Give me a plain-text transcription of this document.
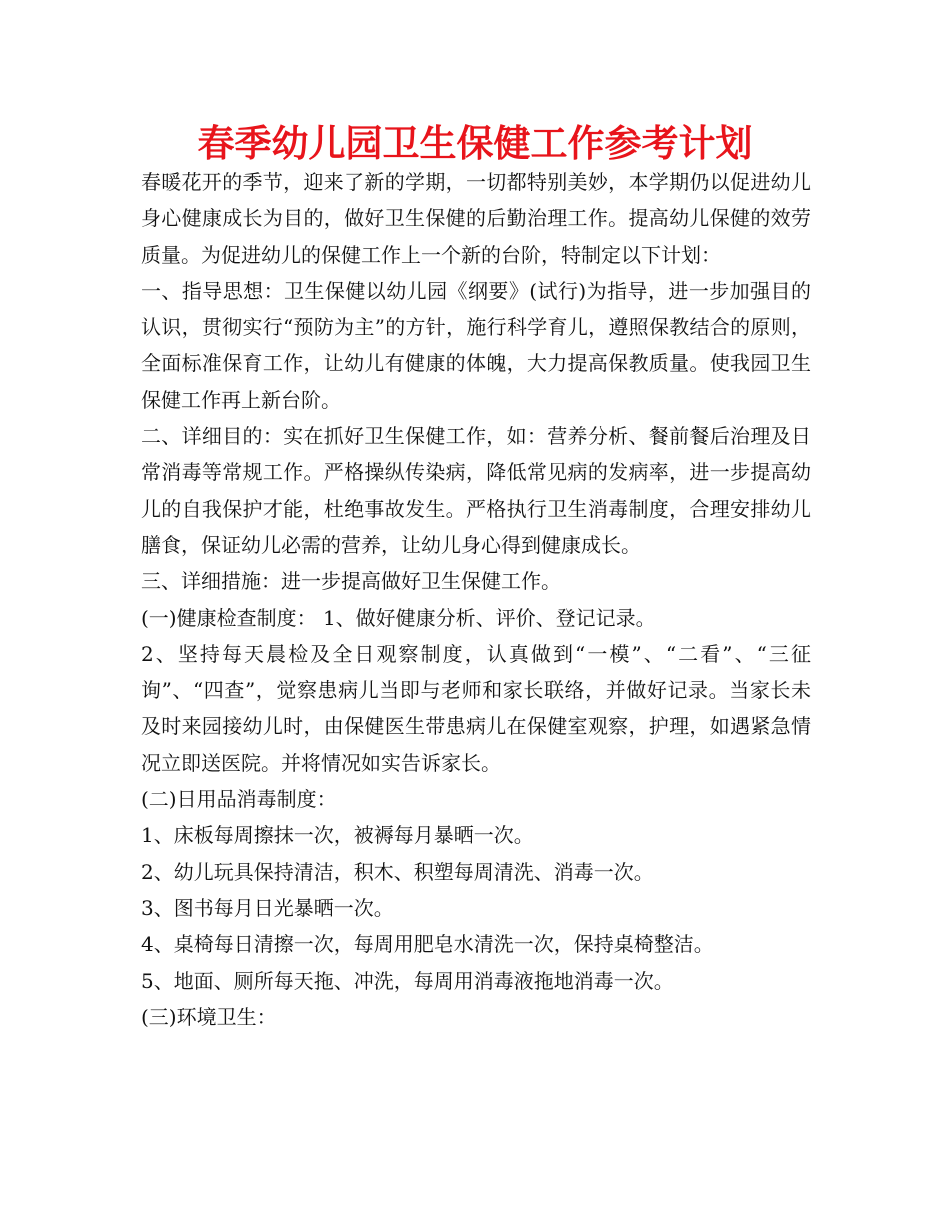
春季幼儿园卫生保健工作参考计划

春暖花开的季节，迎来了新的学期，一切都特别美妙，本学期仍以促进幼儿身心健康成长为目的，做好卫生保健的后勤治理工作。提高幼儿保健的效劳质量。为促进幼儿的保健工作上一个新的台阶，特制定以下计划：

一、指导思想：卫生保健以幼儿园《纲要》(试行)为指导，进一步加强目的认识，贯彻实行“预防为主”的方针，施行科学育儿，遵照保教结合的原则，全面标准保育工作，让幼儿有健康的体魄，大力提高保教质量。使我园卫生保健工作再上新台阶。

二、详细目的：实在抓好卫生保健工作，如：营养分析、餐前餐后治理及日常消毒等常规工作。严格操纵传染病，降低常见病的发病率，进一步提高幼儿的自我保护才能，杜绝事故发生。严格执行卫生消毒制度，合理安排幼儿膳食，保证幼儿必需的营养，让幼儿身心得到健康成长。

三、详细措施：进一步提高做好卫生保健工作。

(一)健康检查制度： 1、做好健康分析、评价、登记记录。

2、坚持每天晨检及全日观察制度，认真做到“一模”、“二看”、“三征询”、“四查”，觉察患病儿当即与老师和家长联络，并做好记录。当家长未及时来园接幼儿时，由保健医生带患病儿在保健室观察，护理，如遇紧急情况立即送医院。并将情况如实告诉家长。

(二)日用品消毒制度：

1、床板每周擦抹一次，被褥每月暴晒一次。

2、幼儿玩具保持清洁，积木、积塑每周清洗、消毒一次。

3、图书每月日光暴晒一次。

4、桌椅每日清擦一次，每周用肥皂水清洗一次，保持桌椅整洁。

5、地面、厕所每天拖、冲洗，每周用消毒液拖地消毒一次。

(三)环境卫生：
